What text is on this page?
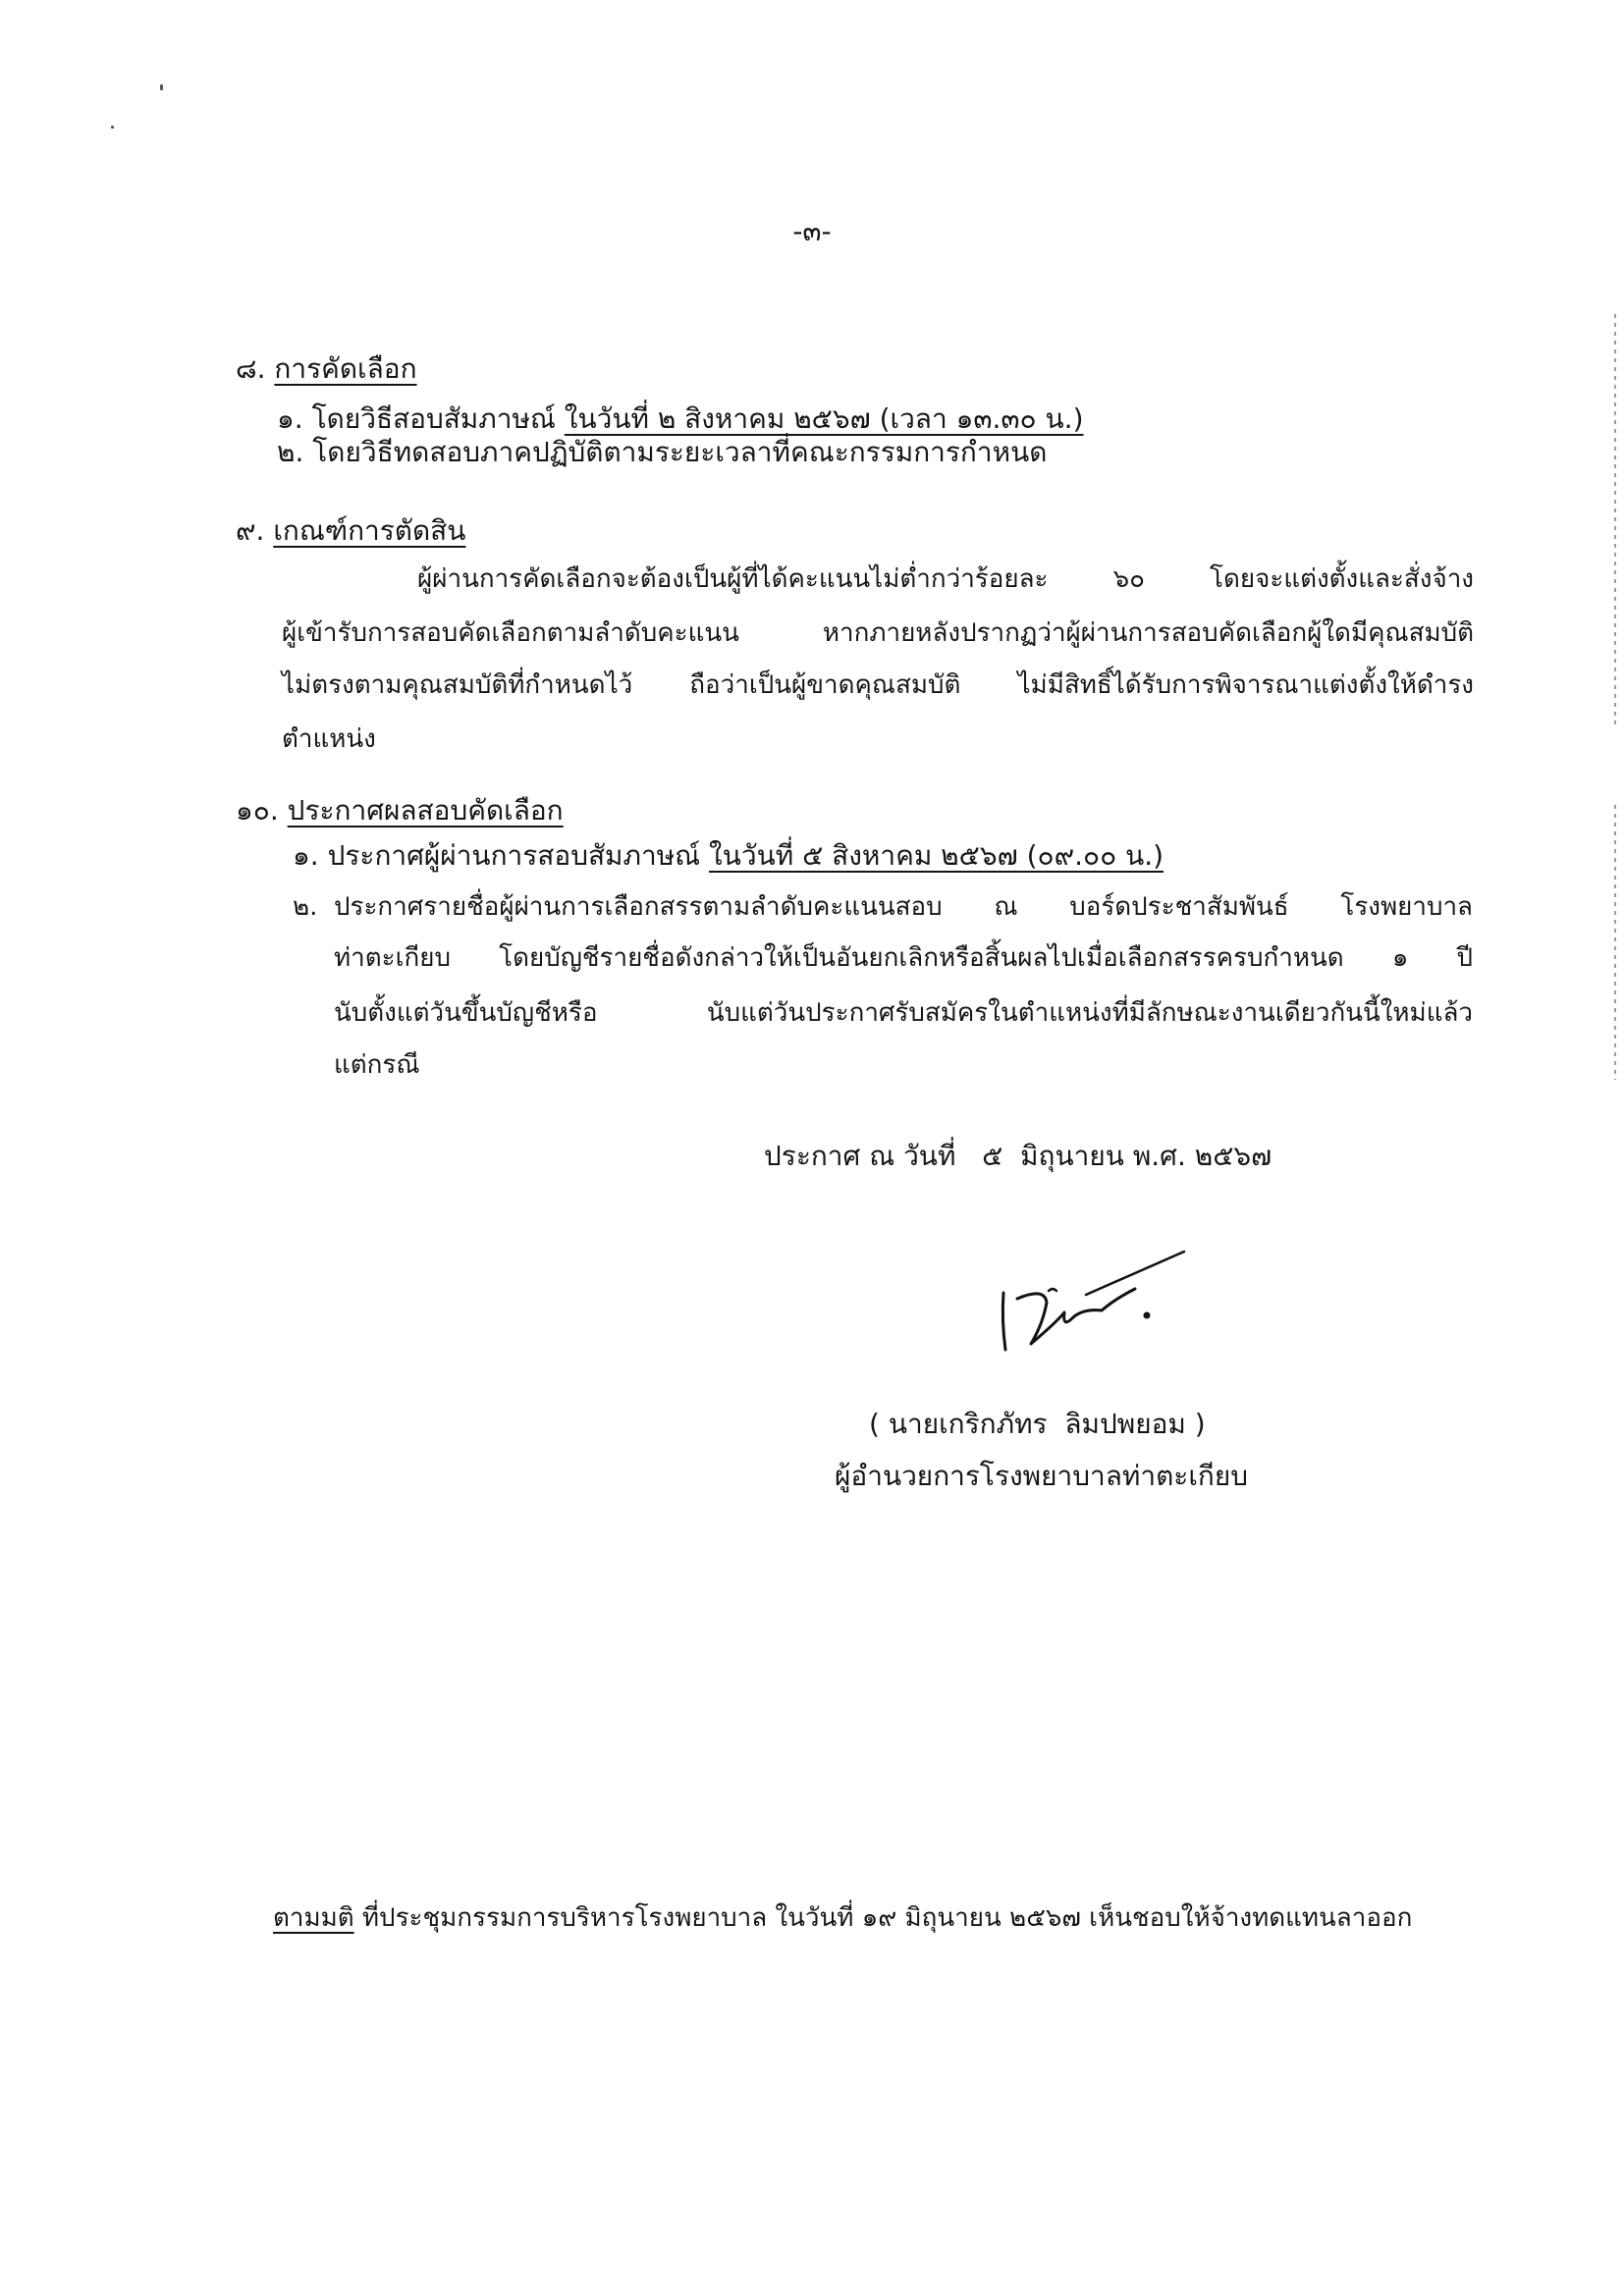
-๓-
๘. การคัดเลือก
๑. โดยวิธีสอบสัมภาษณ์ ในวันที่ ๒ สิงหาคม ๒๕๖๗ (เวลา ๑๓.๓๐ น.)
๒. โดยวิธีทดสอบภาคปฏิบัติตามระยะเวลาที่คณะกรรมการกำหนด
๙. เกณฑ์การตัดสิน
ผู้ผ่านการคัดเลือกจะต้องเป็นผู้ที่ได้คะแนนไม่ต่ำกว่าร้อยละ ๖๐ โดยจะแต่งตั้งและสั่งจ้าง
ผู้เข้ารับการสอบคัดเลือกตามลำดับคะแนน หากภายหลังปรากฏว่าผู้ผ่านการสอบคัดเลือกผู้ใดมีคุณสมบัติ
ไม่ตรงตามคุณสมบัติที่กำหนดไว้ ถือว่าเป็นผู้ขาดคุณสมบัติ ไม่มีสิทธิ์ได้รับการพิจารณาแต่งตั้งให้ดำรง
ตำแหน่ง
๑๐. ประกาศผลสอบคัดเลือก
๑. ประกาศผู้ผ่านการสอบสัมภาษณ์ ในวันที่ ๕ สิงหาคม ๒๕๖๗ (๐๙.๐๐ น.)
๒. ประกาศรายชื่อผู้ผ่านการเลือกสรรตามลำดับคะแนนสอบ ณ บอร์ดประชาสัมพันธ์ โรงพยาบาล
ท่าตะเกียบ โดยบัญชีรายชื่อดังกล่าวให้เป็นอันยกเลิกหรือสิ้นผลไปเมื่อเลือกสรรครบกำหนด ๑ ปี
นับตั้งแต่วันขึ้นบัญชีหรือ นับแต่วันประกาศรับสมัครในตำแหน่งที่มีลักษณะงานเดียวกันนี้ใหม่แล้ว
แต่กรณี
ประกาศ ณ วันที่   ๕  มิถุนายน พ.ศ. ๒๕๖๗
( นายเกริกภัทร  ลิมปพยอม )
ผู้อำนวยการโรงพยาบาลท่าตะเกียบ
ตามมติ ที่ประชุมกรรมการบริหารโรงพยาบาล ในวันที่ ๑๙ มิถุนายน ๒๕๖๗ เห็นชอบให้จ้างทดแทนลาออก
